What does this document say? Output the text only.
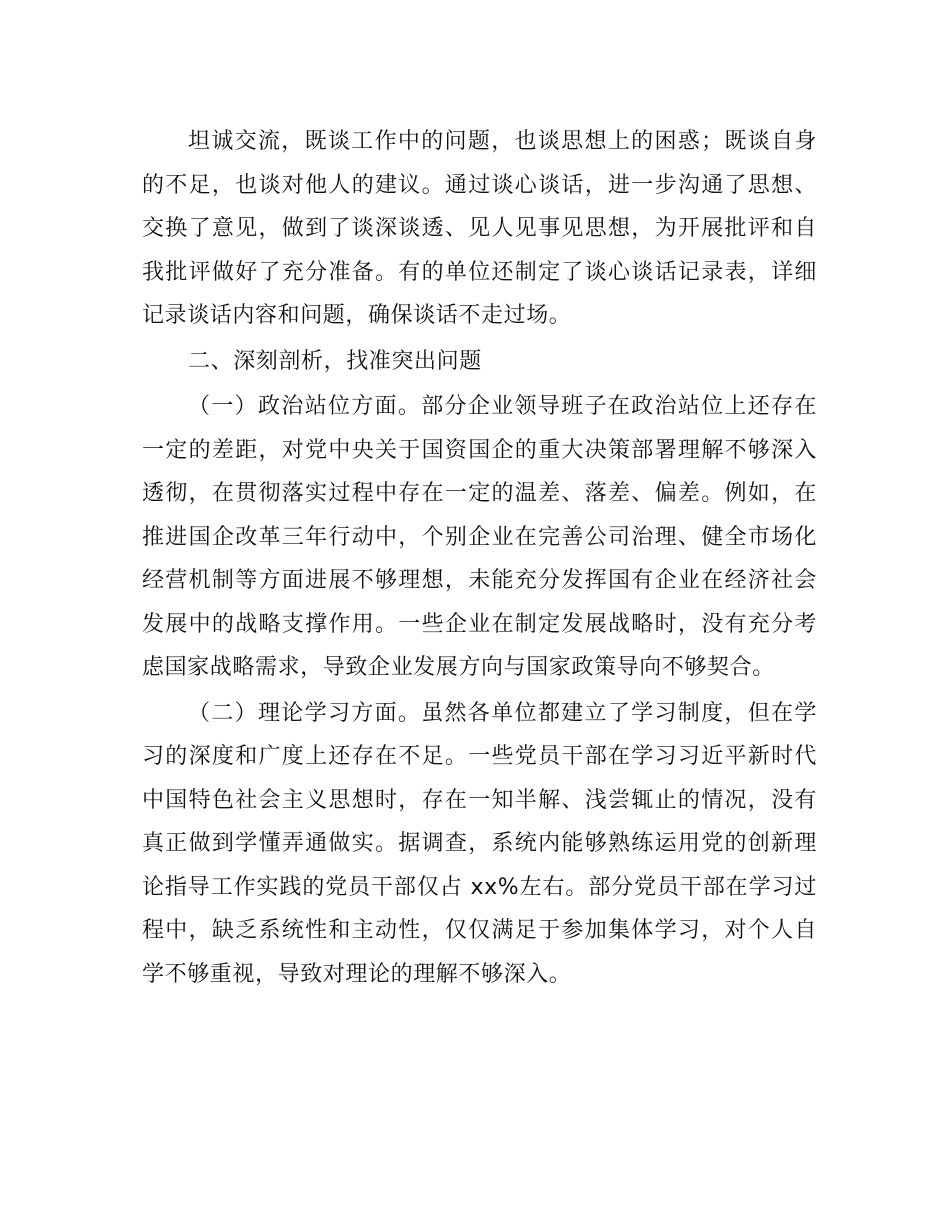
坦诚交流，既谈工作中的问题，也谈思想上的困惑；既谈自身的不足，也谈对他人的建议。通过谈心谈话，进一步沟通了思想、交换了意见，做到了谈深谈透、见人见事见思想，为开展批评和自我批评做好了充分准备。有的单位还制定了谈心谈话记录表，详细记录谈话内容和问题，确保谈话不走过场。

二、深刻剖析，找准突出问题

（一）政治站位方面。部分企业领导班子在政治站位上还存在一定的差距，对党中央关于国资国企的重大决策部署理解不够深入透彻，在贯彻落实过程中存在一定的温差、落差、偏差。例如，在推进国企改革三年行动中，个别企业在完善公司治理、健全市场化经营机制等方面进展不够理想，未能充分发挥国有企业在经济社会发展中的战略支撑作用。一些企业在制定发展战略时，没有充分考虑国家战略需求，导致企业发展方向与国家政策导向不够契合。

（二）理论学习方面。虽然各单位都建立了学习制度，但在学习的深度和广度上还存在不足。一些党员干部在学习习近平新时代中国特色社会主义思想时，存在一知半解、浅尝辄止的情况，没有真正做到学懂弄通做实。据调查，系统内能够熟练运用党的创新理论指导工作实践的党员干部仅占 xx%左右。部分党员干部在学习过程中，缺乏系统性和主动性，仅仅满足于参加集体学习，对个人自学不够重视，导致对理论的理解不够深入。
